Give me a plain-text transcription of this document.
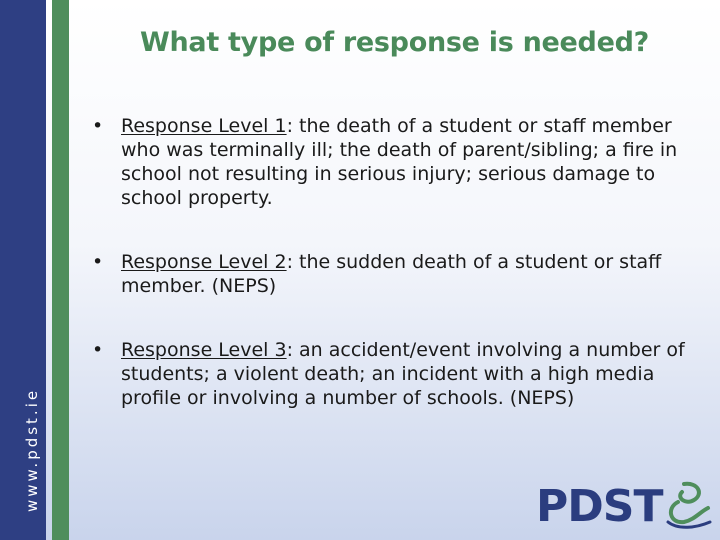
www.pdst.ie
What type of response is needed?
• Response Level 1: the death of a student or staff member who was terminally ill; the death of parent/sibling; a fire in school not resulting in serious injury; serious damage to school property.
• Response Level 2: the sudden death of a student or staff member. (NEPS)
• Response Level 3: an accident/event involving a number of students; a violent death; an incident with a high media profile or involving a number of schools. (NEPS)
PDST
